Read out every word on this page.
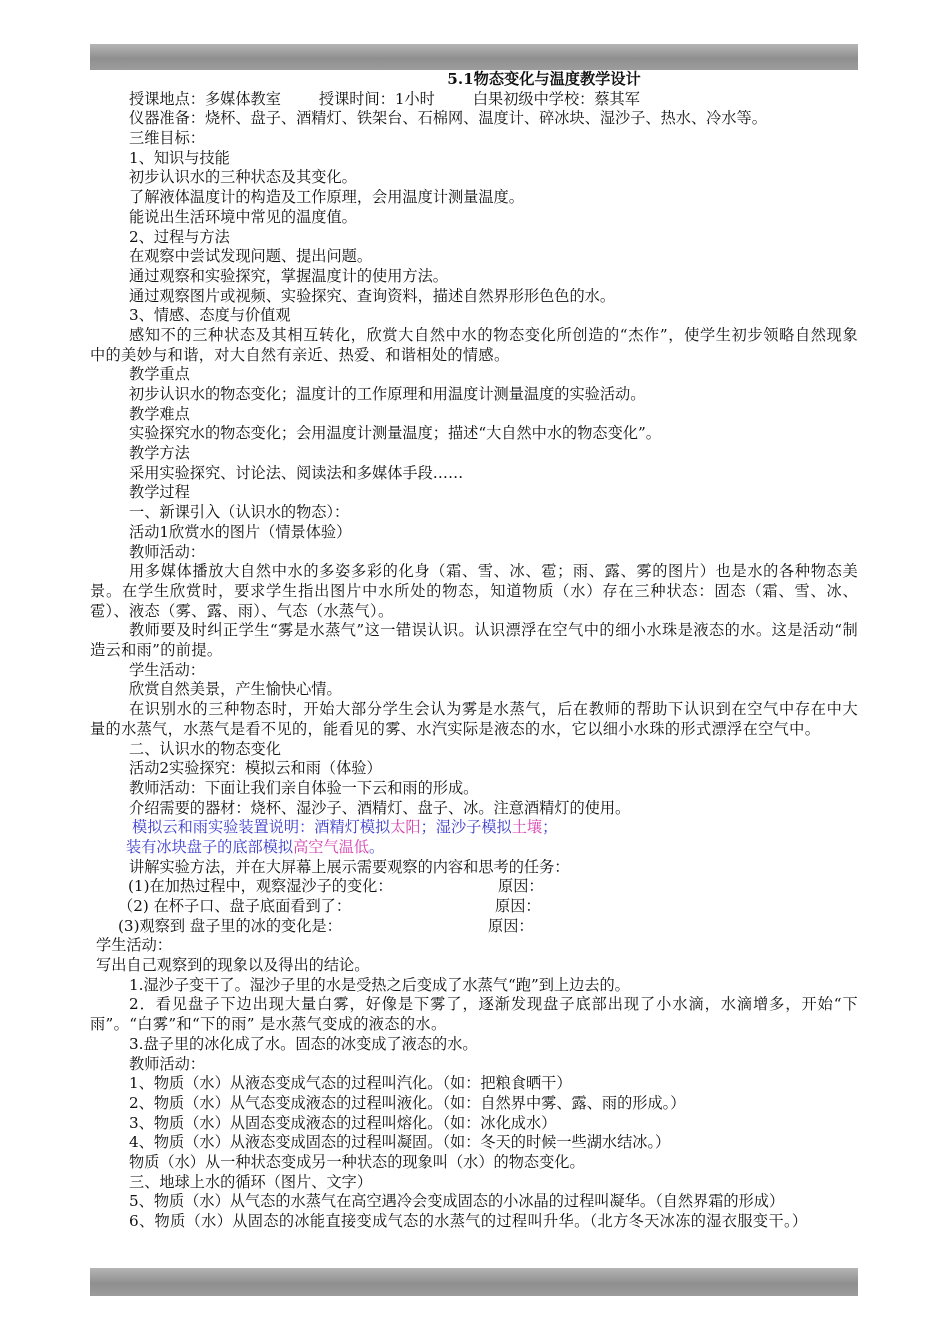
5.1物态变化与温度教学设计
授课地点：多媒体教室	授课时间：1小时	白果初级中学校：蔡其军
仪器准备：烧杯、盘子、酒精灯、铁架台、石棉网、温度计、碎冰块、湿沙子、热水、冷水等。
三维目标：
1、知识与技能
初步认识水的三种状态及其变化。
了解液体温度计的构造及工作原理，会用温度计测量温度。
能说出生活环境中常见的温度值。
2、过程与方法
在观察中尝试发现问题、提出问题。
通过观察和实验探究，掌握温度计的使用方法。
通过观察图片或视频、实验探究、查询资料，描述自然界形形色色的水。
3、情感、态度与价值观
感知不的三种状态及其相互转化，欣赏大自然中水的物态变化所创造的“杰作”，使学生初步领略自然现象中的美妙与和谐，对大自然有亲近、热爱、和谐相处的情感。
教学重点
初步认识水的物态变化；温度计的工作原理和用温度计测量温度的实验活动。
教学难点
实验探究水的物态变化；会用温度计测量温度；描述“大自然中水的物态变化”。
教学方法
采用实验探究、讨论法、阅读法和多媒体手段……
教学过程
一、新课引入（认识水的物态）：
活动1欣赏水的图片（情景体验）
教师活动：
用多媒体播放大自然中水的多姿多彩的化身（霜、雪、冰、雹；雨、露、雾的图片）也是水的各种物态美景。在学生欣赏时，要求学生指出图片中水所处的物态，知道物质（水）存在三种状态：固态（霜、雪、冰、雹）、液态（雾、露、雨）、气态（水蒸气）。
教师要及时纠正学生“雾是水蒸气”这一错误认识。认识漂浮在空气中的细小水珠是液态的水。这是活动“制造云和雨”的前提。
学生活动：
欣赏自然美景，产生愉快心情。
在识别水的三种物态时，开始大部分学生会认为雾是水蒸气，后在教师的帮助下认识到在空气中存在中大量的水蒸气，水蒸气是看不见的，能看见的雾、水汽实际是液态的水，它以细小水珠的形式漂浮在空气中。
二、认识水的物态变化
活动2实验探究：模拟云和雨（体验）
教师活动：下面让我们亲自体验一下云和雨的形成。
介绍需要的器材：烧杯、湿沙子、酒精灯、盘子、冰。注意酒精灯的使用。
模拟云和雨实验装置说明：酒精灯模拟太阳；湿沙子模拟土壤；
装有冰块盘子的底部模拟高空气温低。
讲解实验方法，并在大屏幕上展示需要观察的内容和思考的任务：
(1)在加热过程中，观察湿沙子的变化：	原因：
（2) 在杯子口、盘子底面看到了：	原因：
(3)观察到 盘子里的冰的变化是：	原因：
学生活动：
写出自己观察到的现象以及得出的结论。
1.湿沙子变干了。湿沙子里的水是受热之后变成了水蒸气“跑”到上边去的。
2．看见盘子下边出现大量白雾，好像是下雾了，逐渐发现盘子底部出现了小水滴，水滴增多，开始“下雨”。“白雾”和“下的雨” 是水蒸气变成的液态的水。
3.盘子里的冰化成了水。固态的冰变成了液态的水。
教师活动：
1、物质（水）从液态变成气态的过程叫汽化。（如：把粮食晒干）
2、物质（水）从气态变成液态的过程叫液化。（如：自然界中雾、露、雨的形成。）
3、物质（水）从固态变成液态的过程叫熔化。（如：冰化成水）
4、物质（水）从液态变成固态的过程叫凝固。（如：冬天的时候一些湖水结冰。）
物质（水）从一种状态变成另一种状态的现象叫（水）的物态变化。
三、地球上水的循环（图片、文字）
5、物质（水）从气态的水蒸气在高空遇冷会变成固态的小冰晶的过程叫凝华。（自然界霜的形成）
6、物质（水）从固态的冰能直接变成气态的水蒸气的过程叫升华。（北方冬天冰冻的湿衣服变干。）
